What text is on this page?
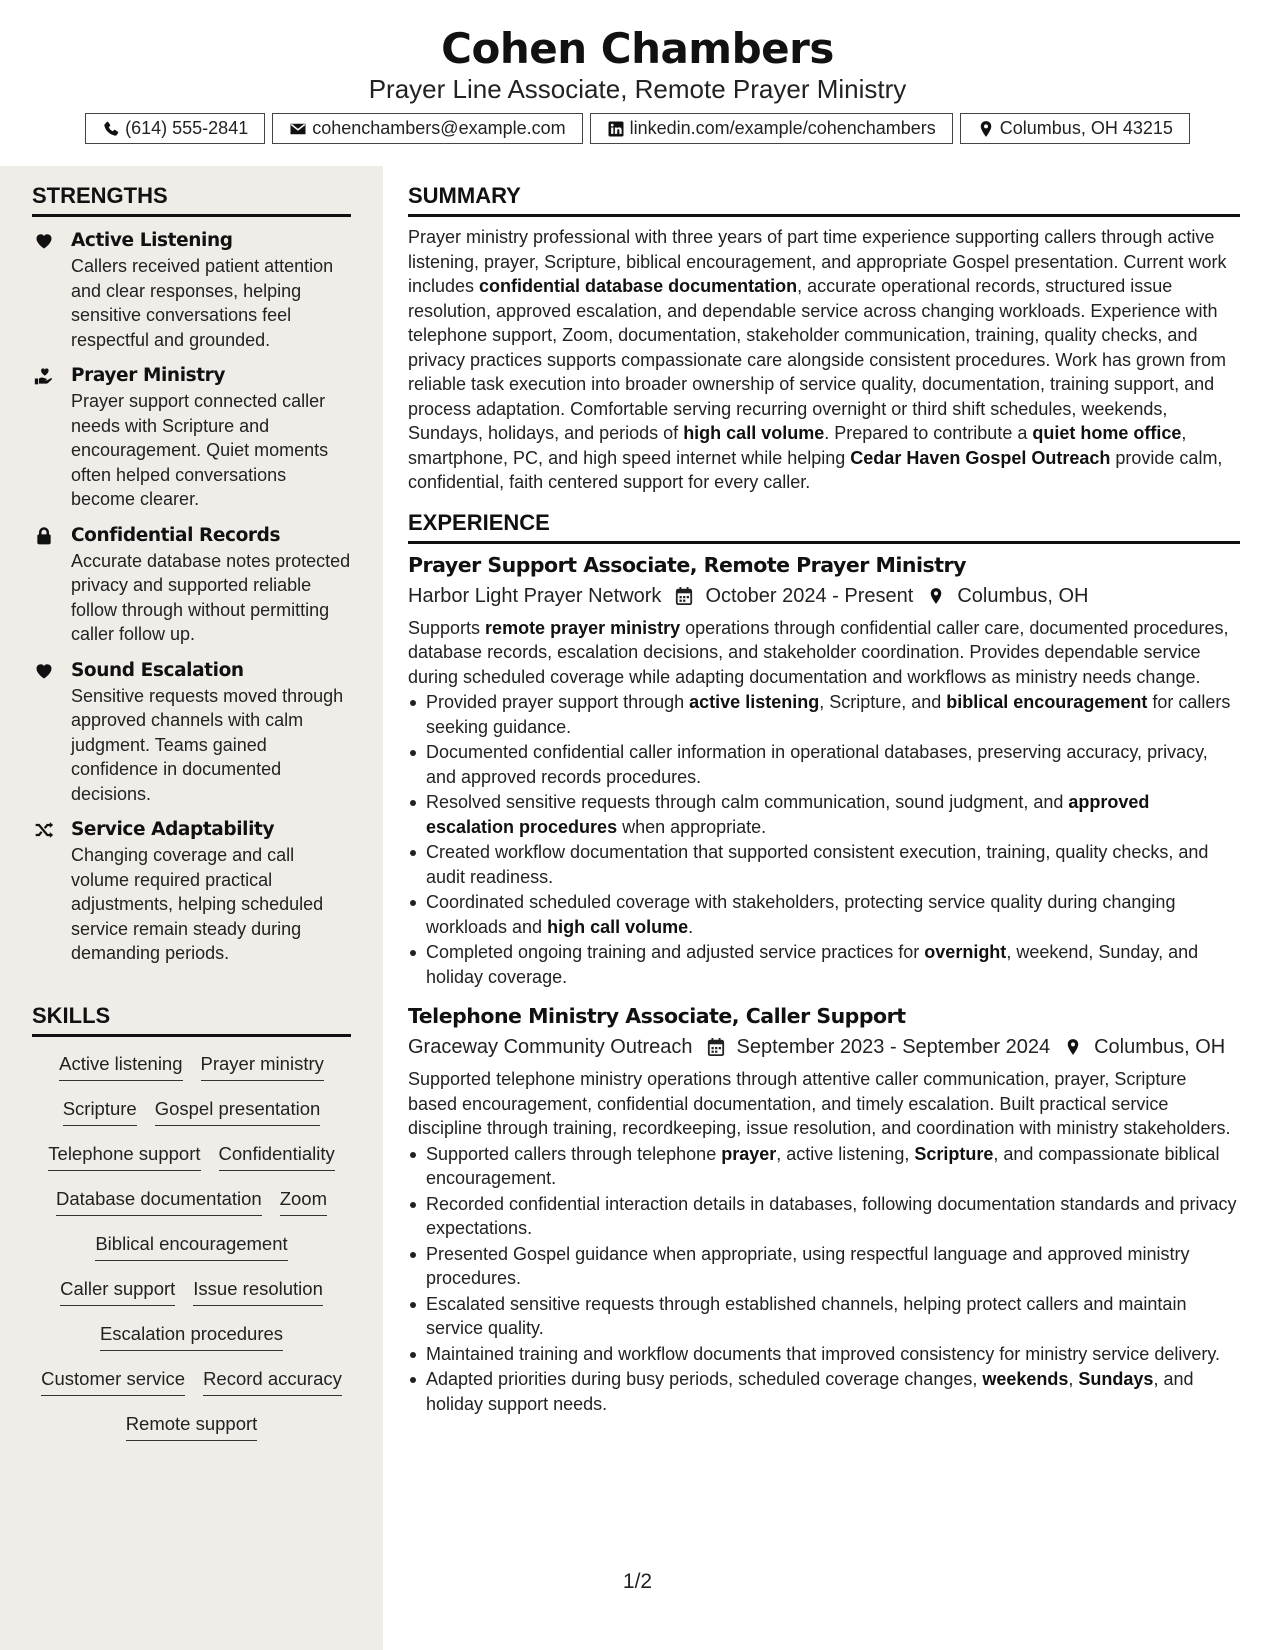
Cohen Chambers
Prayer Line Associate, Remote Prayer Ministry
(614) 555-2841	cohenchambers@example.com	linkedin.com/example/cohenchambers	Columbus, OH 43215
STRENGTHS
Active Listening
Callers received patient attention and clear responses, helping sensitive conversations feel respectful and grounded.
Prayer Ministry
Prayer support connected caller needs with Scripture and encouragement. Quiet moments often helped conversations become clearer.
Confidential Records
Accurate database notes protected privacy and supported reliable follow through without permitting caller follow up.
Sound Escalation
Sensitive requests moved through approved channels with calm judgment. Teams gained confidence in documented decisions.
Service Adaptability
Changing coverage and call volume required practical adjustments, helping scheduled service remain steady during demanding periods.
SKILLS
Active listening Prayer ministry
Scripture Gospel presentation
Telephone support Confidentiality
Database documentation Zoom
Biblical encouragement
Caller support Issue resolution
Escalation procedures
Customer service Record accuracy
Remote support
SUMMARY
Prayer ministry professional with three years of part time experience supporting callers through active listening, prayer, Scripture, biblical encouragement, and appropriate Gospel presentation. Current work includes confidential database documentation, accurate operational records, structured issue resolution, approved escalation, and dependable service across changing workloads. Experience with telephone support, Zoom, documentation, stakeholder communication, training, quality checks, and privacy practices supports compassionate care alongside consistent procedures. Work has grown from reliable task execution into broader ownership of service quality, documentation, training support, and process adaptation. Comfortable serving recurring overnight or third shift schedules, weekends, Sundays, holidays, and periods of high call volume. Prepared to contribute a quiet home office, smartphone, PC, and high speed internet while helping Cedar Haven Gospel Outreach provide calm, confidential, faith centered support for every caller.
EXPERIENCE
Prayer Support Associate, Remote Prayer Ministry
Harbor Light Prayer Network October 2024 - Present Columbus, OH
Supports remote prayer ministry operations through confidential caller care, documented procedures, database records, escalation decisions, and stakeholder coordination. Provides dependable service during scheduled coverage while adapting documentation and workflows as ministry needs change.
Provided prayer support through active listening, Scripture, and biblical encouragement for callers seeking guidance.
Documented confidential caller information in operational databases, preserving accuracy, privacy, and approved records procedures.
Resolved sensitive requests through calm communication, sound judgment, and approved escalation procedures when appropriate.
Created workflow documentation that supported consistent execution, training, quality checks, and audit readiness.
Coordinated scheduled coverage with stakeholders, protecting service quality during changing workloads and high call volume.
Completed ongoing training and adjusted service practices for overnight, weekend, Sunday, and holiday coverage.
Telephone Ministry Associate, Caller Support
Graceway Community Outreach September 2023 - September 2024 Columbus, OH
Supported telephone ministry operations through attentive caller communication, prayer, Scripture based encouragement, confidential documentation, and timely escalation. Built practical service discipline through training, recordkeeping, issue resolution, and coordination with ministry stakeholders.
Supported callers through telephone prayer, active listening, Scripture, and compassionate biblical encouragement.
Recorded confidential interaction details in databases, following documentation standards and privacy expectations.
Presented Gospel guidance when appropriate, using respectful language and approved ministry procedures.
Escalated sensitive requests through established channels, helping protect callers and maintain service quality.
Maintained training and workflow documents that improved consistency for ministry service delivery.
Adapted priorities during busy periods, scheduled coverage changes, weekends, Sundays, and holiday support needs.
1/2
